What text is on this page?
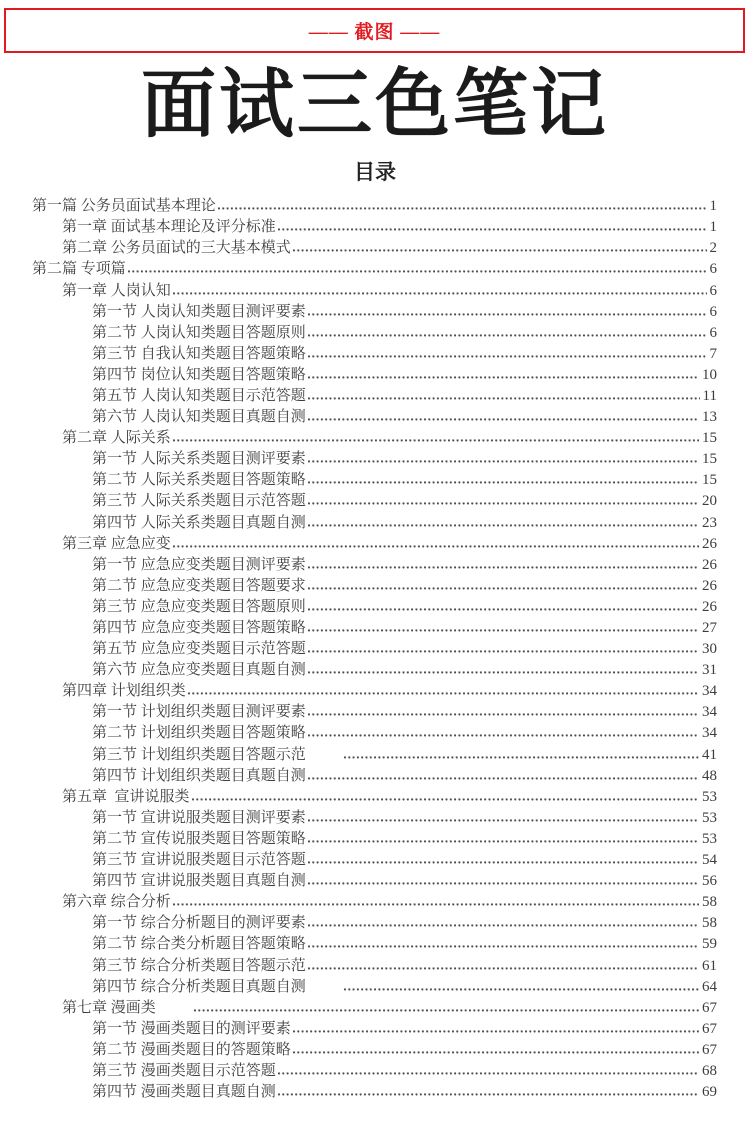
—— 截图 ——
面试三色笔记
目录
第一篇 公务员面试基本理论	1
第一章 面试基本理论及评分标准	1
第二章 公务员面试的三大基本模式	2
第二篇 专项篇	6
第一章 人岗认知	6
第一节 人岗认知类题目测评要素	6
第二节 人岗认知类题目答题原则	6
第三节 自我认知类题目答题策略	7
第四节 岗位认知类题目答题策略	10
第五节 人岗认知类题目示范答题	11
第六节 人岗认知类题目真题自测	13
第二章 人际关系	15
第一节 人际关系类题目测评要素	15
第二节 人际关系类题目答题策略	15
第三节 人际关系类题目示范答题	20
第四节 人际关系类题目真题自测	23
第三章 应急应变	26
第一节 应急应变类题目测评要素	26
第二节 应急应变类题目答题要求	26
第三节 应急应变类题目答题原则	26
第四节 应急应变类题目答题策略	27
第五节 应急应变类题目示范答题	30
第六节 应急应变类题目真题自测	31
第四章 计划组织类	34
第一节 计划组织类题目测评要素	34
第二节 计划组织类题目答题策略	34
第三节 计划组织类题目答题示范	41
第四节 计划组织类题目真题自测	48
第五章  宣讲说服类	53
第一节 宣讲说服类题目测评要素	53
第二节 宣传说服类题目答题策略	53
第三节 宣讲说服类题目示范答题	54
第四节 宣讲说服类题目真题自测	56
第六章 综合分析	58
第一节 综合分析题目的测评要素	58
第二节 综合类分析题目答题策略	59
第三节 综合分析类题目答题示范	61
第四节 综合分析类题目真题自测	64
第七章 漫画类	67
第一节 漫画类题目的测评要素	67
第二节 漫画类题目的答题策略	67
第三节 漫画类题目示范答题	68
第四节 漫画类题目真题自测	69
